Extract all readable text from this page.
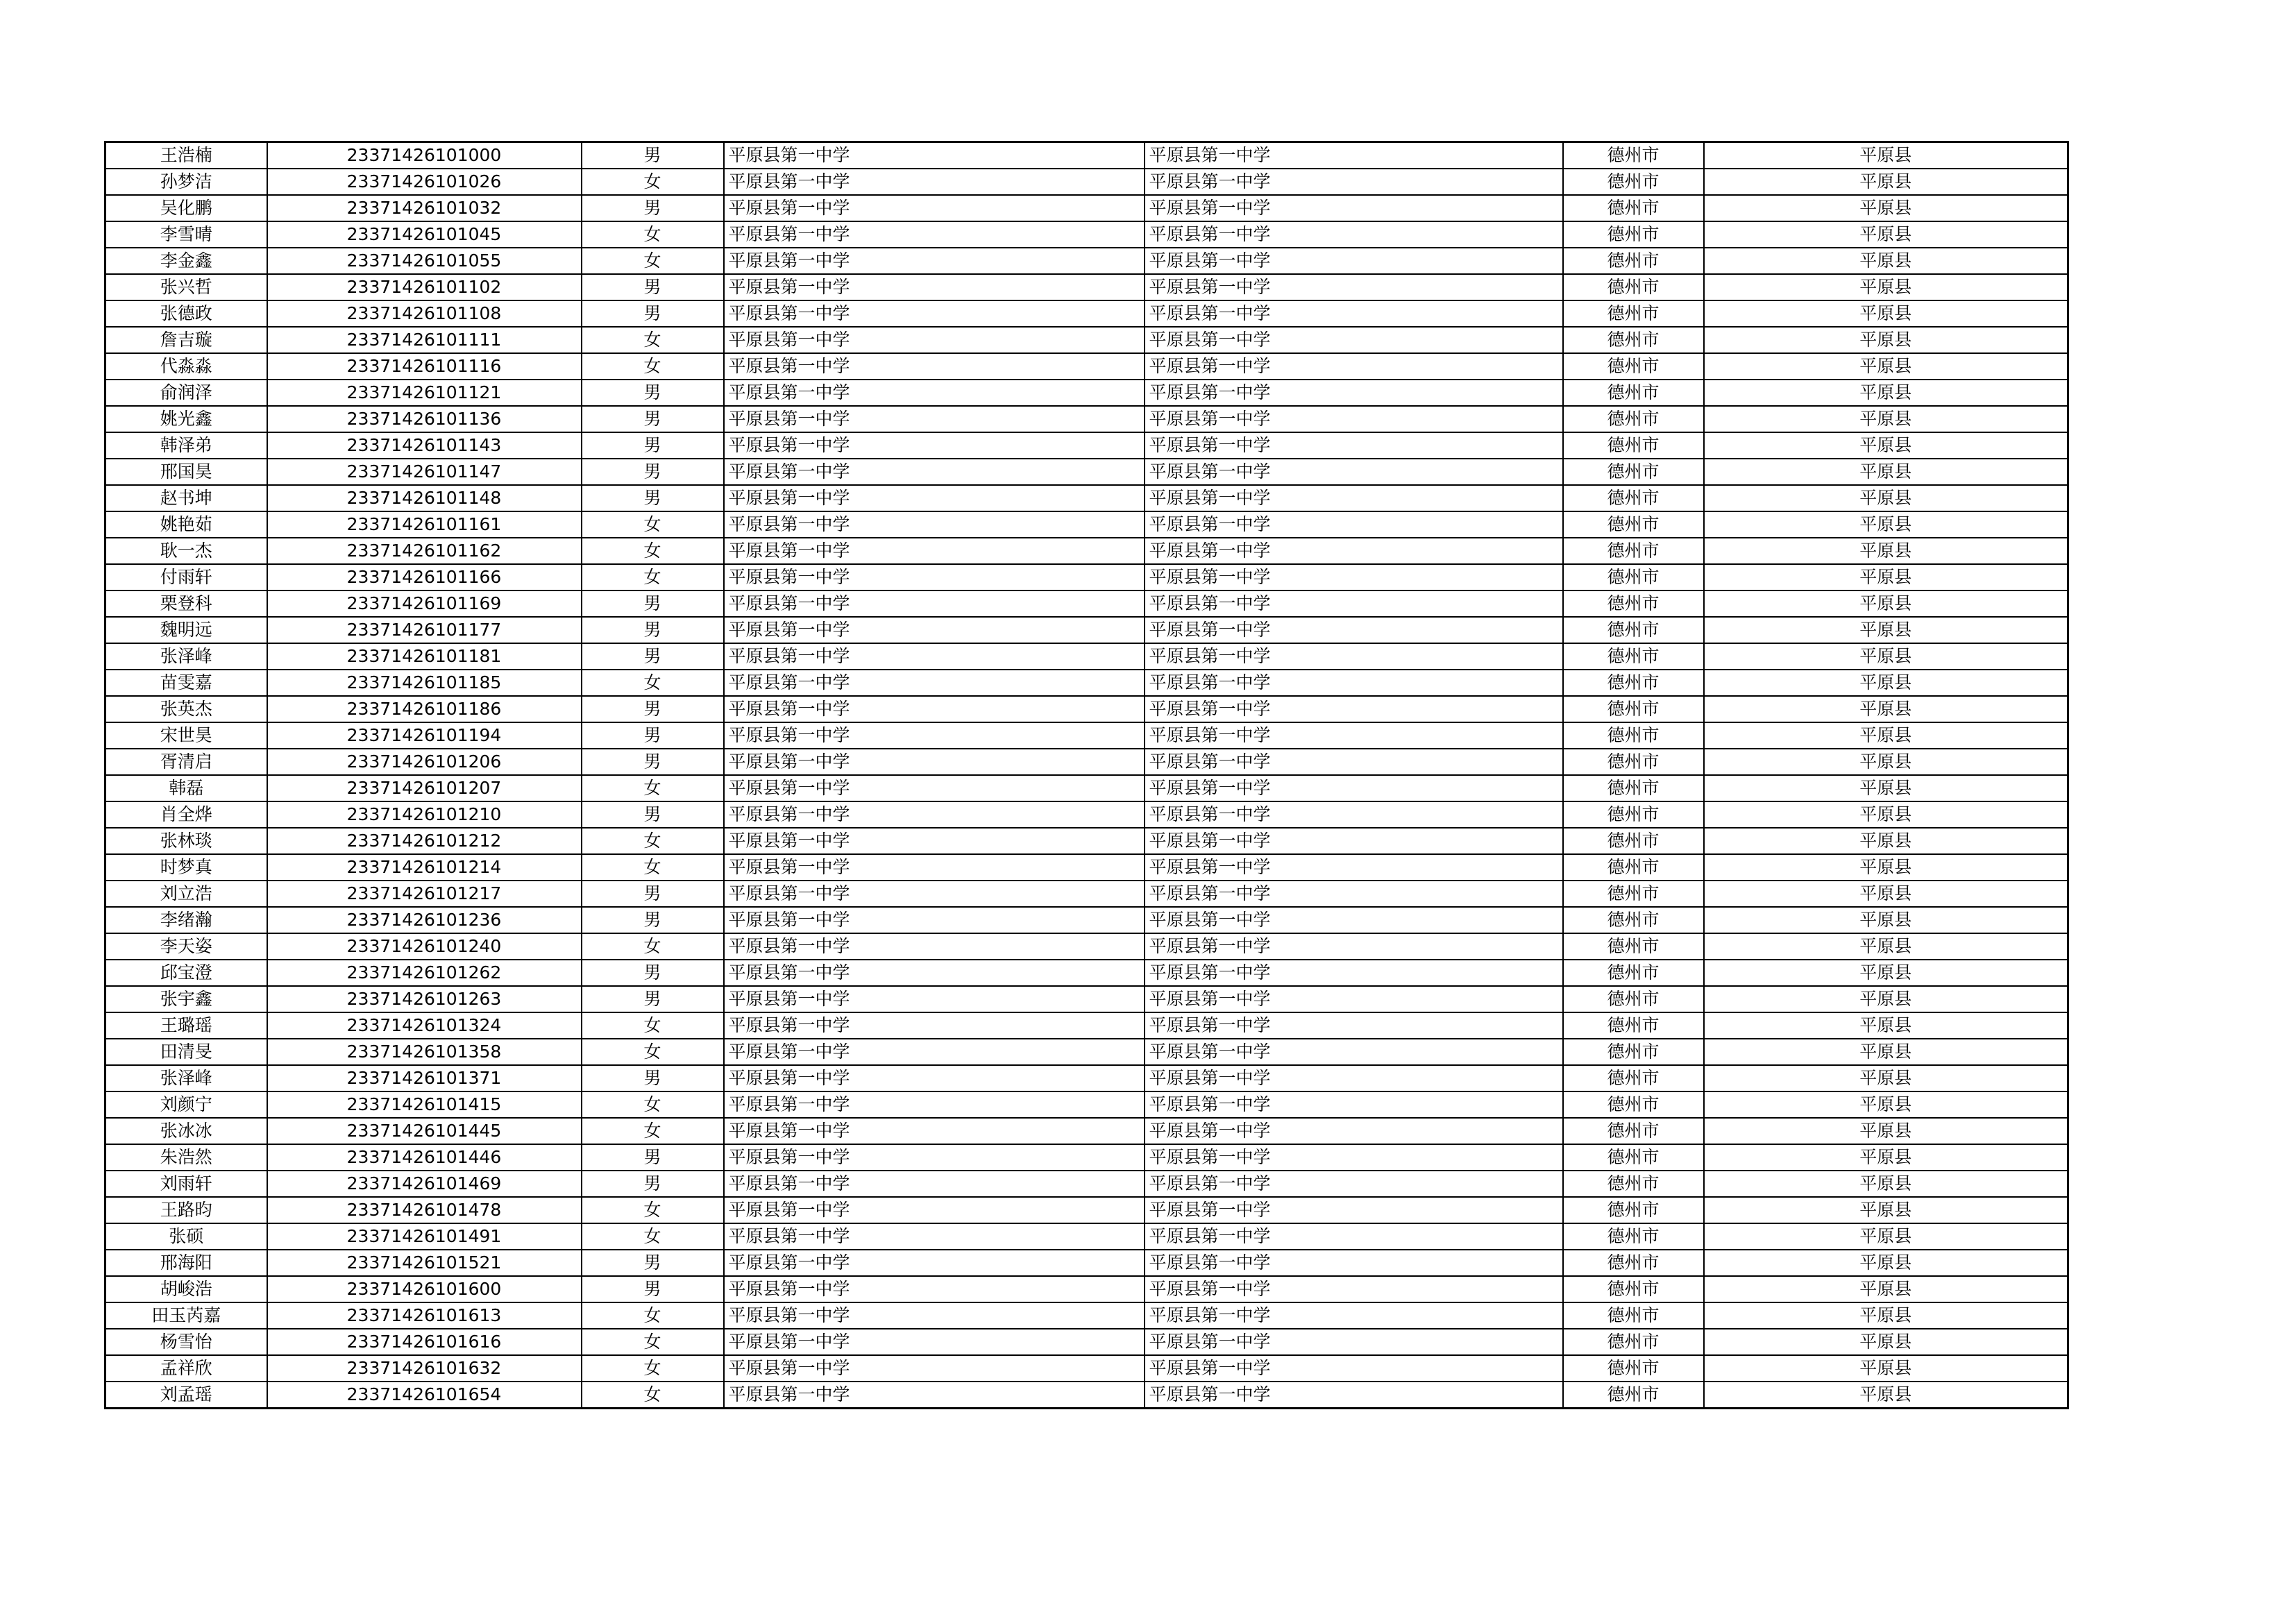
王浩楠	23371426101000	男	平原县第一中学	平原县第一中学	德州市	平原县
孙梦洁	23371426101026	女	平原县第一中学	平原县第一中学	德州市	平原县
吴化鹏	23371426101032	男	平原县第一中学	平原县第一中学	德州市	平原县
李雪晴	23371426101045	女	平原县第一中学	平原县第一中学	德州市	平原县
李金鑫	23371426101055	女	平原县第一中学	平原县第一中学	德州市	平原县
张兴哲	23371426101102	男	平原县第一中学	平原县第一中学	德州市	平原县
张德政	23371426101108	男	平原县第一中学	平原县第一中学	德州市	平原县
詹吉璇	23371426101111	女	平原县第一中学	平原县第一中学	德州市	平原县
代淼淼	23371426101116	女	平原县第一中学	平原县第一中学	德州市	平原县
俞润泽	23371426101121	男	平原县第一中学	平原县第一中学	德州市	平原县
姚光鑫	23371426101136	男	平原县第一中学	平原县第一中学	德州市	平原县
韩泽弟	23371426101143	男	平原县第一中学	平原县第一中学	德州市	平原县
邢国昊	23371426101147	男	平原县第一中学	平原县第一中学	德州市	平原县
赵书坤	23371426101148	男	平原县第一中学	平原县第一中学	德州市	平原县
姚艳茹	23371426101161	女	平原县第一中学	平原县第一中学	德州市	平原县
耿一杰	23371426101162	女	平原县第一中学	平原县第一中学	德州市	平原县
付雨轩	23371426101166	女	平原县第一中学	平原县第一中学	德州市	平原县
栗登科	23371426101169	男	平原县第一中学	平原县第一中学	德州市	平原县
魏明远	23371426101177	男	平原县第一中学	平原县第一中学	德州市	平原县
张泽峰	23371426101181	男	平原县第一中学	平原县第一中学	德州市	平原县
苗雯嘉	23371426101185	女	平原县第一中学	平原县第一中学	德州市	平原县
张英杰	23371426101186	男	平原县第一中学	平原县第一中学	德州市	平原县
宋世昊	23371426101194	男	平原县第一中学	平原县第一中学	德州市	平原县
胥清启	23371426101206	男	平原县第一中学	平原县第一中学	德州市	平原县
韩磊	23371426101207	女	平原县第一中学	平原县第一中学	德州市	平原县
肖全烨	23371426101210	男	平原县第一中学	平原县第一中学	德州市	平原县
张林琰	23371426101212	女	平原县第一中学	平原县第一中学	德州市	平原县
时梦真	23371426101214	女	平原县第一中学	平原县第一中学	德州市	平原县
刘立浩	23371426101217	男	平原县第一中学	平原县第一中学	德州市	平原县
李绪瀚	23371426101236	男	平原县第一中学	平原县第一中学	德州市	平原县
李天姿	23371426101240	女	平原县第一中学	平原县第一中学	德州市	平原县
邱宝澄	23371426101262	男	平原县第一中学	平原县第一中学	德州市	平原县
张宇鑫	23371426101263	男	平原县第一中学	平原县第一中学	德州市	平原县
王璐瑶	23371426101324	女	平原县第一中学	平原县第一中学	德州市	平原县
田清旻	23371426101358	女	平原县第一中学	平原县第一中学	德州市	平原县
张泽峰	23371426101371	男	平原县第一中学	平原县第一中学	德州市	平原县
刘颜宁	23371426101415	女	平原县第一中学	平原县第一中学	德州市	平原县
张冰冰	23371426101445	女	平原县第一中学	平原县第一中学	德州市	平原县
朱浩然	23371426101446	男	平原县第一中学	平原县第一中学	德州市	平原县
刘雨轩	23371426101469	男	平原县第一中学	平原县第一中学	德州市	平原县
王路昀	23371426101478	女	平原县第一中学	平原县第一中学	德州市	平原县
张硕	23371426101491	女	平原县第一中学	平原县第一中学	德州市	平原县
邢海阳	23371426101521	男	平原县第一中学	平原县第一中学	德州市	平原县
胡峻浩	23371426101600	男	平原县第一中学	平原县第一中学	德州市	平原县
田玉芮嘉	23371426101613	女	平原县第一中学	平原县第一中学	德州市	平原县
杨雪怡	23371426101616	女	平原县第一中学	平原县第一中学	德州市	平原县
孟祥欣	23371426101632	女	平原县第一中学	平原县第一中学	德州市	平原县
刘孟瑶	23371426101654	女	平原县第一中学	平原县第一中学	德州市	平原县
